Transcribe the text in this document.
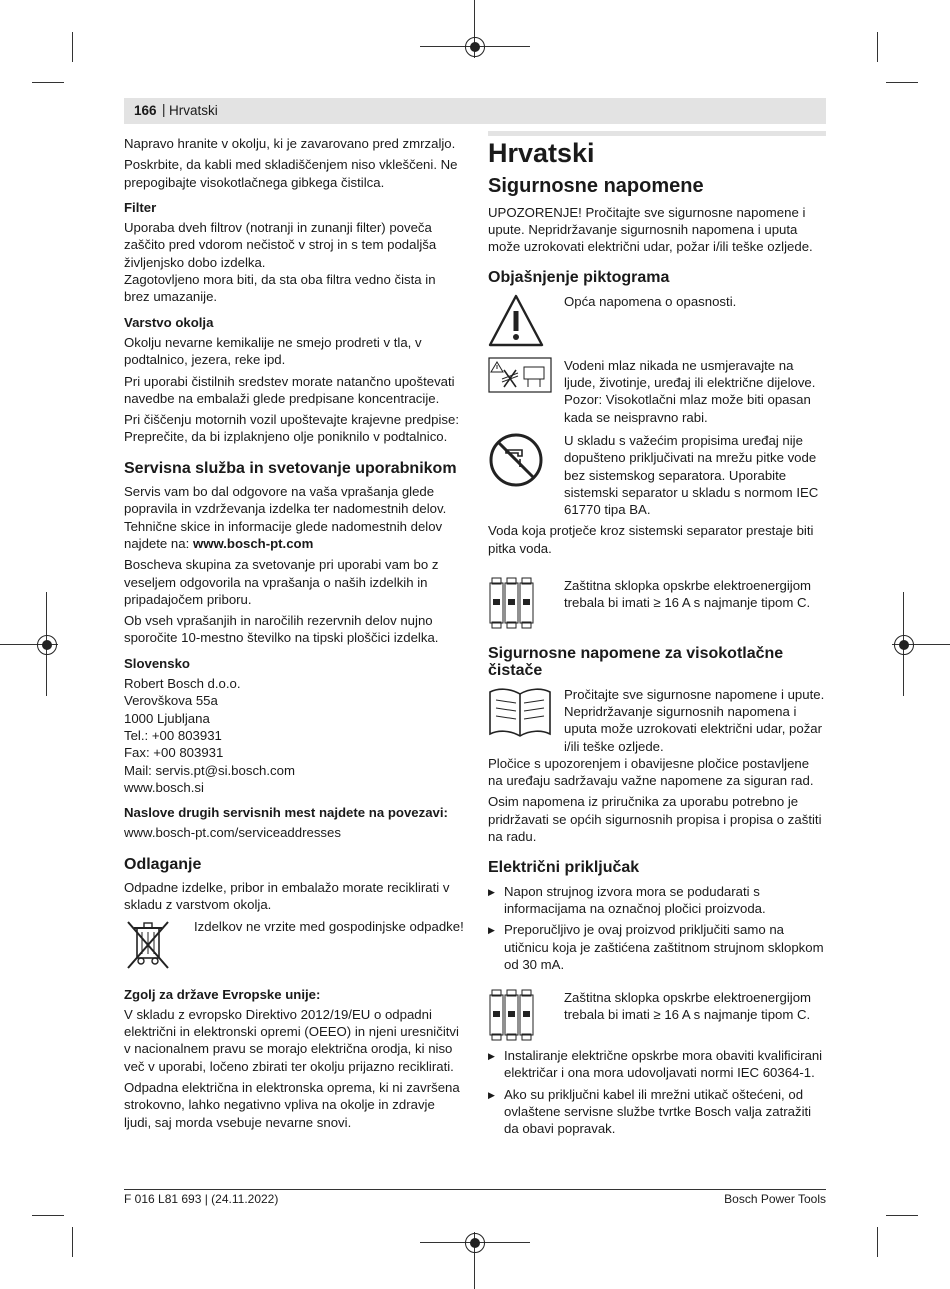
166 | Hrvatski

Napravo hranite v okolju, ki je zavarovano pred zmrzaljo.

Poskrbite, da kabli med skladiščenjem niso vkleščeni. Ne prepogibajte visokotlačnega gibkega čistilca.

Filter

Uporaba dveh filtrov (notranji in zunanji filter) poveča zaščito pred vdorom nečistoč v stroj in s tem podaljša življenjsko dobo izdelka.
Zagotovljeno mora biti, da sta oba filtra vedno čista in brez umazanije.

Varstvo okolja

Okolju nevarne kemikalije ne smejo prodreti v tla, v podtalnico, jezera, reke ipd.

Pri uporabi čistilnih sredstev morate natančno upoštevati navedbe na embalaži glede predpisane koncentracije.

Pri čiščenju motornih vozil upoštevajte krajevne predpise: Preprečite, da bi izplaknjeno olje poniknilo v podtalnico.

Servisna služba in svetovanje uporabnikom

Servis vam bo dal odgovore na vaša vprašanja glede popravila in vzdrževanja izdelka ter nadomestnih delov. Tehnične skice in informacije glede nadomestnih delov najdete na: www.bosch-pt.com

Boscheva skupina za svetovanje pri uporabi vam bo z veseljem odgovorila na vprašanja o naših izdelkih in pripadajočem priboru.

Ob vseh vprašanjih in naročilih rezervnih delov nujno sporočite 10-mestno številko na tipski ploščici izdelka.

Slovensko

Robert Bosch d.o.o.
Verovškova 55a
1000 Ljubljana
Tel.: +00 803931
Fax: +00 803931
Mail: servis.pt@si.bosch.com
www.bosch.si

Naslove drugih servisnih mest najdete na povezavi:

www.bosch-pt.com/serviceaddresses

Odlaganje

Odpadne izdelke, pribor in embalažo morate reciklirati v skladu z varstvom okolja.

Izdelkov ne vrzite med gospodinjske odpadke!
Zgolj za države Evropske unije:

V skladu z evropsko Direktivo 2012/19/EU o odpadni električni in elektronski opremi (OEEO) in njeni uresničitvi v nacionalnem pravu se morajo električna orodja, ki niso več v uporabi, ločeno zbirati ter okolju prijazno reciklirati.

Odpadna električna in elektronska oprema, ki ni završena strokovno, lahko negativno vpliva na okolje in zdravje ljudi, saj morda vsebuje nevarne snovi.

Hrvatski
Sigurnosne napomene

UPOZORENJE! Pročitajte sve sigurnosne napomene i upute. Nepridržavanje sigurnosnih napomena i uputa može uzrokovati električni udar, požar i/ili teške ozljede.

Objašnjenje piktograma
Opća napomena o opasnosti.
Vodeni mlaz nikada ne usmjeravajte na ljude, životinje, uređaj ili električne dijelove. Pozor: Visokotlačni mlaz može biti opasan kada se neispravno rabi.
U skladu s važećim propisima uređaj nije dopušteno priključivati na mrežu pitke vode bez sistemskog separatora. Uporabite sistemski separator u skladu s normom IEC 61770 tipa BA.

Voda koja protječe kroz sistemski separator prestaje biti pitka voda.

Zaštitna sklopka opskrbe elektroenergijom trebala bi imati ≥ 16 A s najmanje tipom C.
Sigurnosne napomene za visokotlačne čistače
Pročitajte sve sigurnosne napomene i upute. Nepridržavanje sigurnosnih napomena i uputa može uzrokovati električni udar, požar i/ili teške ozljede.

Pločice s upozorenjem i obavijesne pločice postavljene na uređaju sadržavaju važne napomene za siguran rad.

Osim napomena iz priručnika za uporabu potrebno je pridržavati se općih sigurnosnih propisa i propisa o zaštiti na radu.

Električni priključak
▶ Napon strujnog izvora mora se podudarati s informacijama na označnoj pločici proizvoda.
▶ Preporučljivo je ovaj proizvod priključiti samo na utičnicu koja je zaštićena zaštitnom strujnom sklopkom od 30 mA.
Zaštitna sklopka opskrbe elektroenergijom trebala bi imati ≥ 16 A s najmanje tipom C.
▶ Instaliranje električne opskrbe mora obaviti kvalificirani električar i ona mora udovoljavati normi IEC 60364-1.
▶ Ako su priključni kabel ili mrežni utikač oštećeni, od ovlaštene servisne službe tvrtke Bosch valja zatražiti da obavi popravak.
F 016 L81 693 | (24.11.2022)	Bosch Power Tools
